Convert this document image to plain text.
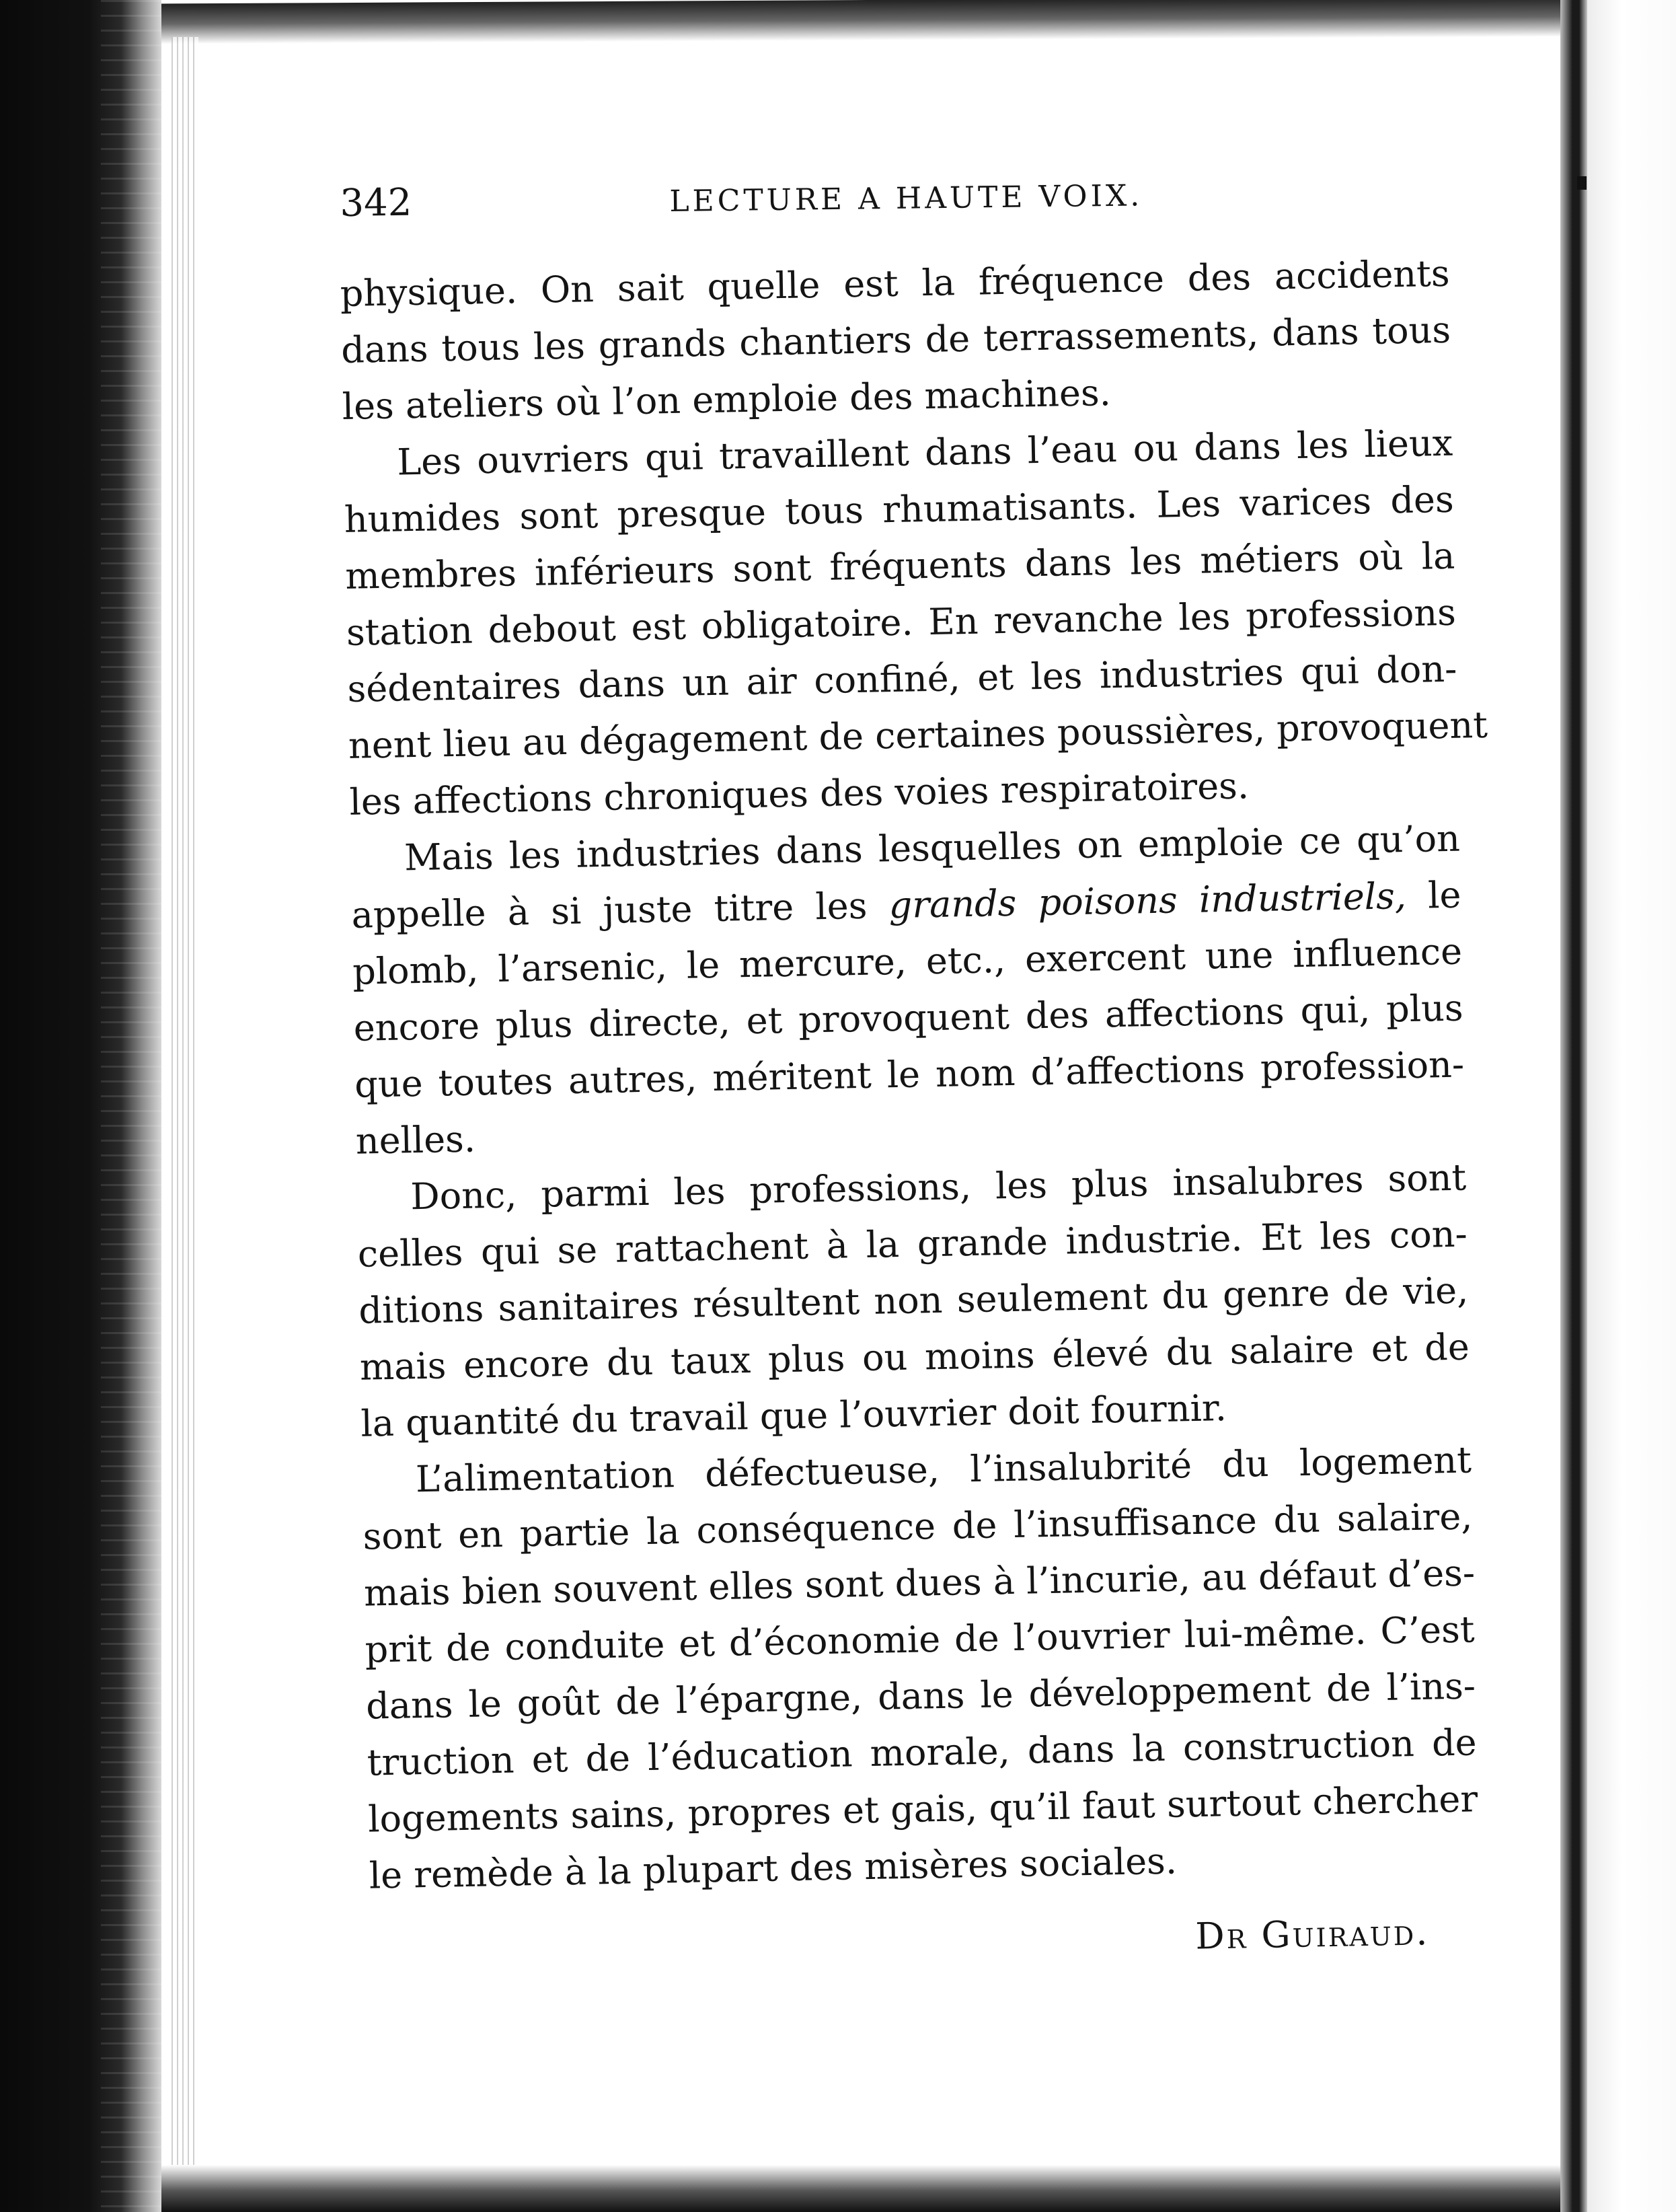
342	LECTURE A HAUTE VOIX.
physique. On sait quelle est la fréquence des accidents
dans tous les grands chantiers de terrassements, dans tous
les ateliers où l’on emploie des machines.
Les ouvriers qui travaillent dans l’eau ou dans les lieux
humides sont presque tous rhumatisants. Les varices des
membres inférieurs sont fréquents dans les métiers où la
station debout est obligatoire. En revanche les professions
sédentaires dans un air confiné, et les industries qui don-
nent lieu au dégagement de certaines poussières, provoquent
les affections chroniques des voies respiratoires.
Mais les industries dans lesquelles on emploie ce qu’on
appelle à si juste titre les grands poisons industriels, le
plomb, l’arsenic, le mercure, etc., exercent une influence
encore plus directe, et provoquent des affections qui, plus
que toutes autres, méritent le nom d’affections profession-
nelles.
Donc, parmi les professions, les plus insalubres sont
celles qui se rattachent à la grande industrie. Et les con-
ditions sanitaires résultent non seulement du genre de vie,
mais encore du taux plus ou moins élevé du salaire et de
la quantité du travail que l’ouvrier doit fournir.
L’alimentation défectueuse, l’insalubrité du logement
sont en partie la conséquence de l’insuffisance du salaire,
mais bien souvent elles sont dues à l’incurie, au défaut d’es-
prit de conduite et d’économie de l’ouvrier lui-même. C’est
dans le goût de l’épargne, dans le développement de l’ins-
truction et de l’éducation morale, dans la construction de
logements sains, propres et gais, qu’il faut surtout chercher
le remède à la plupart des misères sociales.
Dr Guiraud.
